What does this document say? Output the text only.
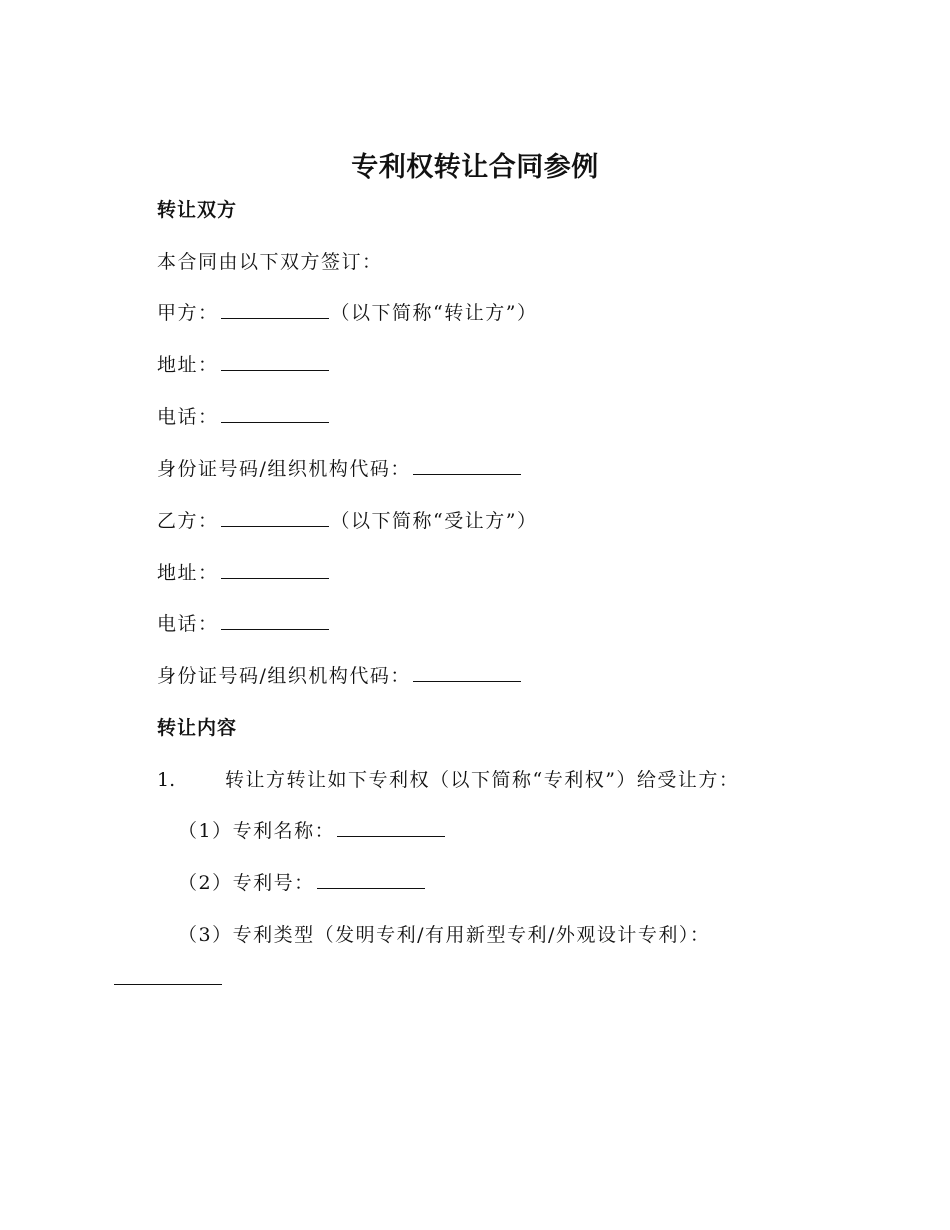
专利权转让合同参例
转让双方
本合同由以下双方签订：
甲方：	（以下简称“转让方”）
地址：
电话：
身份证号码/组织机构代码：
乙方：	（以下简称“受让方”）
地址：
电话：
身份证号码/组织机构代码：
转让内容
1.	转让方转让如下专利权（以下简称“专利权”）给受让方：
（1）专利名称：
（2）专利号：
（3）专利类型（发明专利/有用新型专利/外观设计专利）：
